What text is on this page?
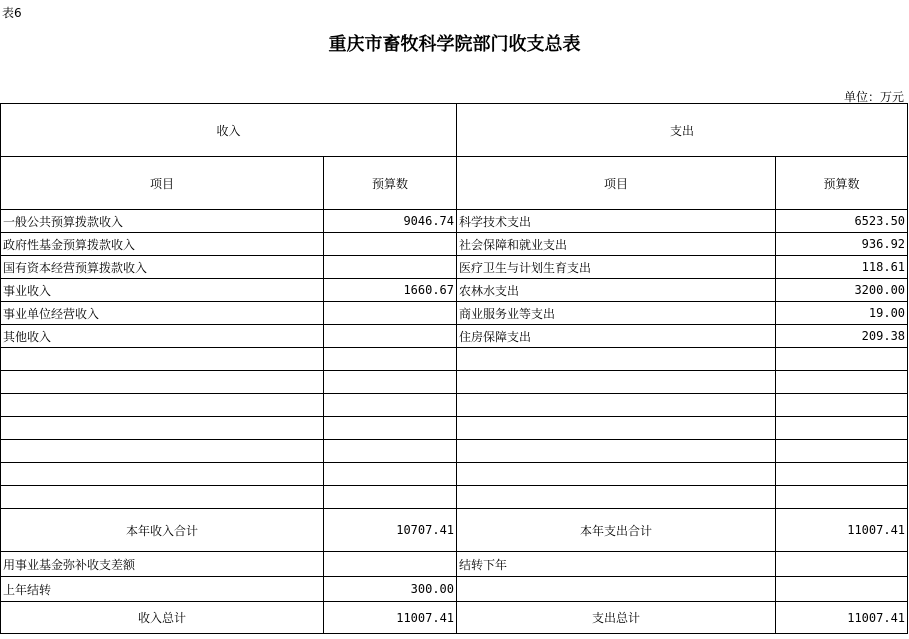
表6
重庆市畜牧科学院部门收支总表
单位：万元
收入		支出	
项目	预算数	项目	预算数
一般公共预算拨款收入	9046.74	科学技术支出	6523.50
政府性基金预算拨款收入		社会保障和就业支出	936.92
国有资本经营预算拨款收入		医疗卫生与计划生育支出	118.61
事业收入	1660.67	农林水支出	3200.00
事业单位经营收入		商业服务业等支出	19.00
其他收入		住房保障支出	209.38

本年收入合计	10707.41	本年支出合计	11007.41
用事业基金弥补收支差额		结转下年	
上年结转	300.00		
收入总计	11007.41	支出总计	11007.41
